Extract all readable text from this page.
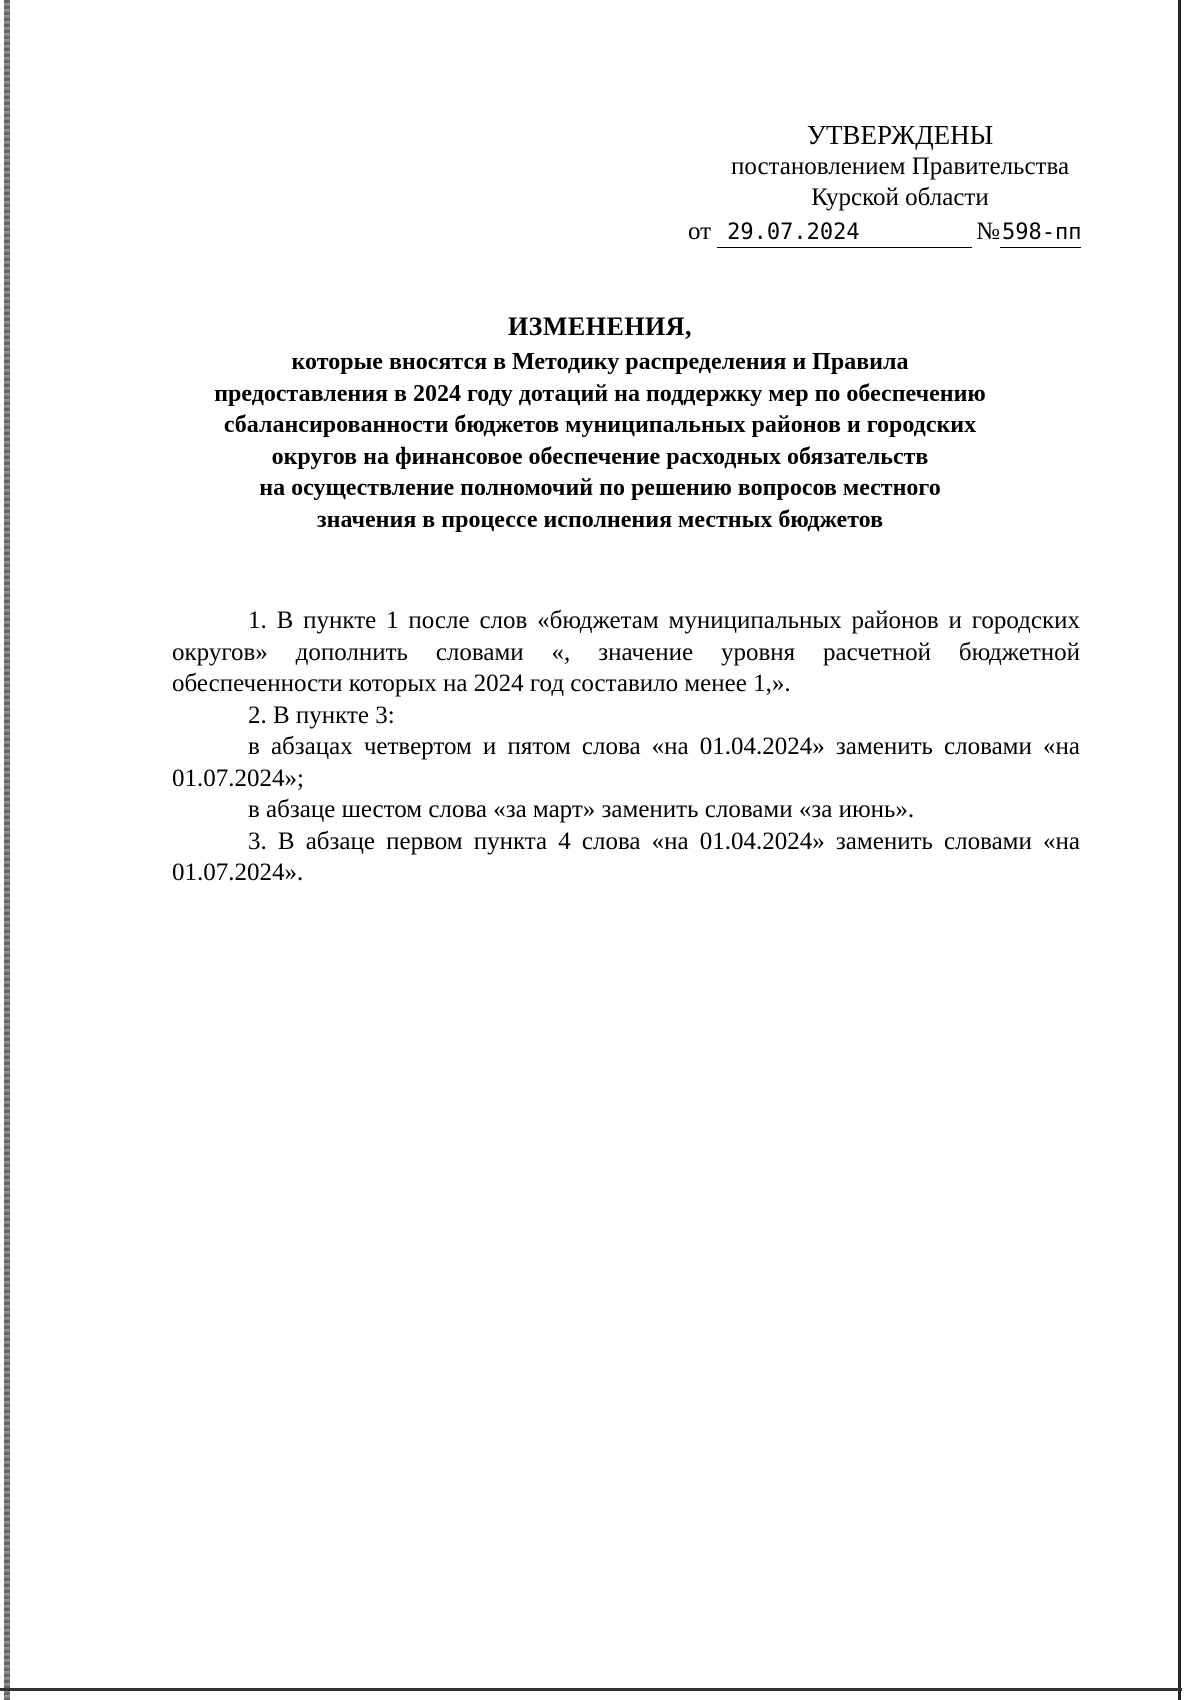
УТВЕРЖДЕНЫ
постановлением Правительства
Курской области
от 29.07.2024	№598-пп
ИЗМЕНЕНИЯ,
которые вносятся в Методику распределения и Правила
предоставления в 2024 году дотаций на поддержку мер по обеспечению
сбалансированности бюджетов муниципальных районов и городских
округов на финансовое обеспечение расходных обязательств
на осуществление полномочий по решению вопросов местного
значения в процессе исполнения местных бюджетов

1. В пункте 1 после слов «бюджетам муниципальных районов и городских округов» дополнить словами «, значение уровня расчетной бюджетной обеспеченности которых на 2024 год составило менее 1,».

2. В пункте 3:

в абзацах четвертом и пятом слова «на 01.04.2024» заменить словами «на 01.07.2024»;

в абзаце шестом слова «за март» заменить словами «за июнь».

3. В абзаце первом пункта 4 слова «на 01.04.2024» заменить словами «на 01.07.2024».
